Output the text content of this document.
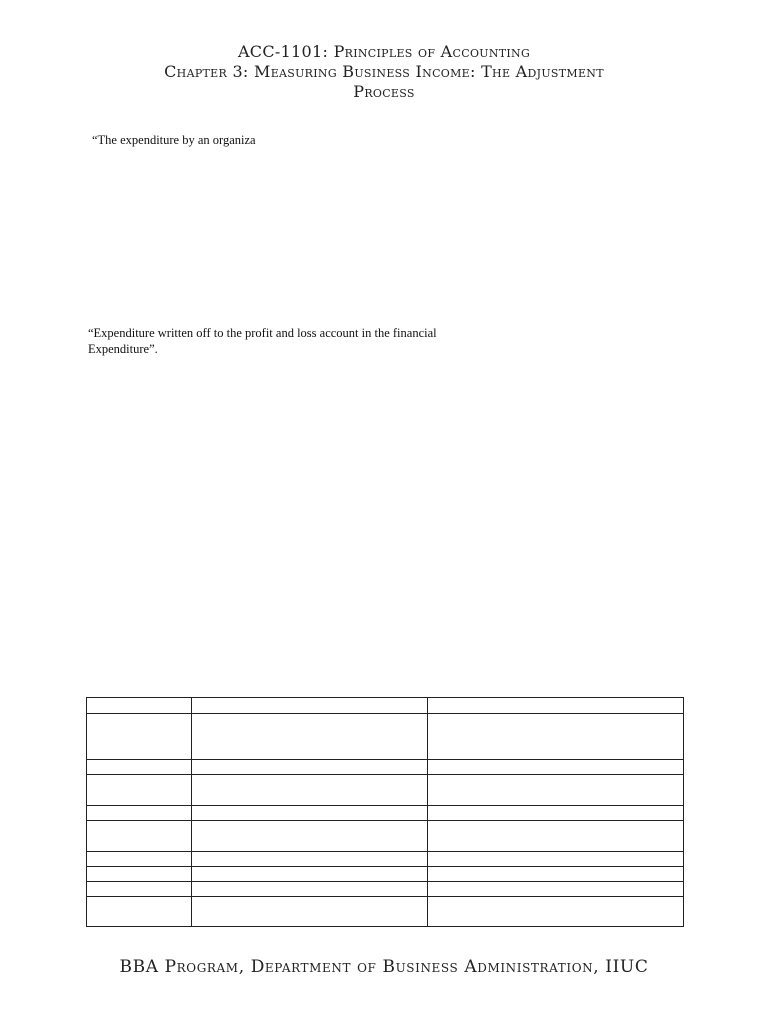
ACC-1101: Principles of Accounting
Chapter 3: Measuring Business Income: The Adjustment
Process
“The expenditure by an organiza
“Expenditure written off to the profit and loss account in the financial
Expenditure”.

BBA Program, Department of Business Administration, IIUC
